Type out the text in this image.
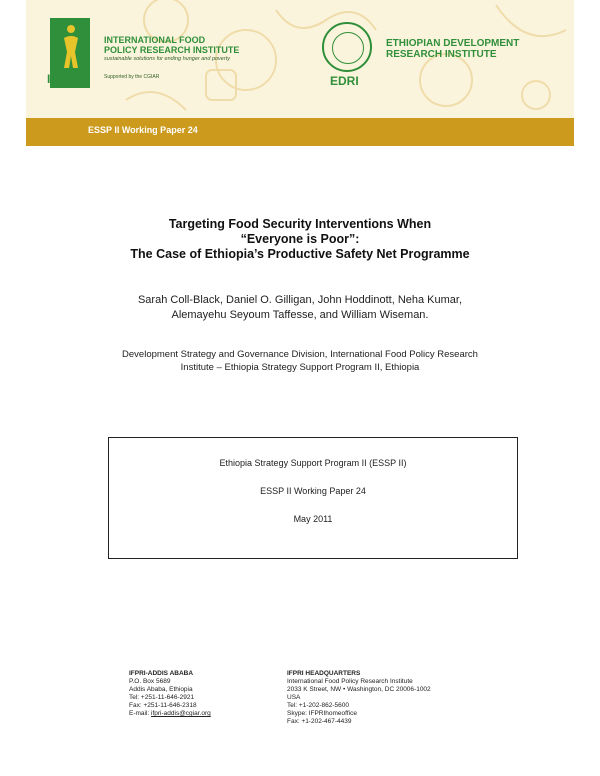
IFPRI®
INTERNATIONAL FOOD
POLICY RESEARCH INSTITUTE
sustainable solutions for ending hunger and poverty
Supported by the CGIAR	EDRI
ETHIOPIAN DEVELOPMENT
RESEARCH INSTITUTE
ESSP II Working Paper 24
Targeting Food Security Interventions When
“Everyone is Poor”:
The Case of Ethiopia’s Productive Safety Net Programme
Sarah Coll-Black, Daniel O. Gilligan, John Hoddinott, Neha Kumar,
Alemayehu Seyoum Taffesse, and William Wiseman.
Development Strategy and Governance Division, International Food Policy Research
Institute – Ethiopia Strategy Support Program II, Ethiopia
Ethiopia Strategy Support Program II (ESSP II)
ESSP II Working Paper 24
May 2011
IFPRI-ADDIS ABABA
P.O. Box 5689
Addis Ababa, Ethiopia
Tel: +251-11-646-2921
Fax: +251-11-646-2318
E-mail: ifpri-addis@cgiar.org
IFPRI HEADQUARTERS
International Food Policy Research Institute
2033 K Street, NW • Washington, DC 20006-1002
USA
Tel: +1-202-862-5600
Skype: IFPRIhomeoffice
Fax: +1-202-467-4439
